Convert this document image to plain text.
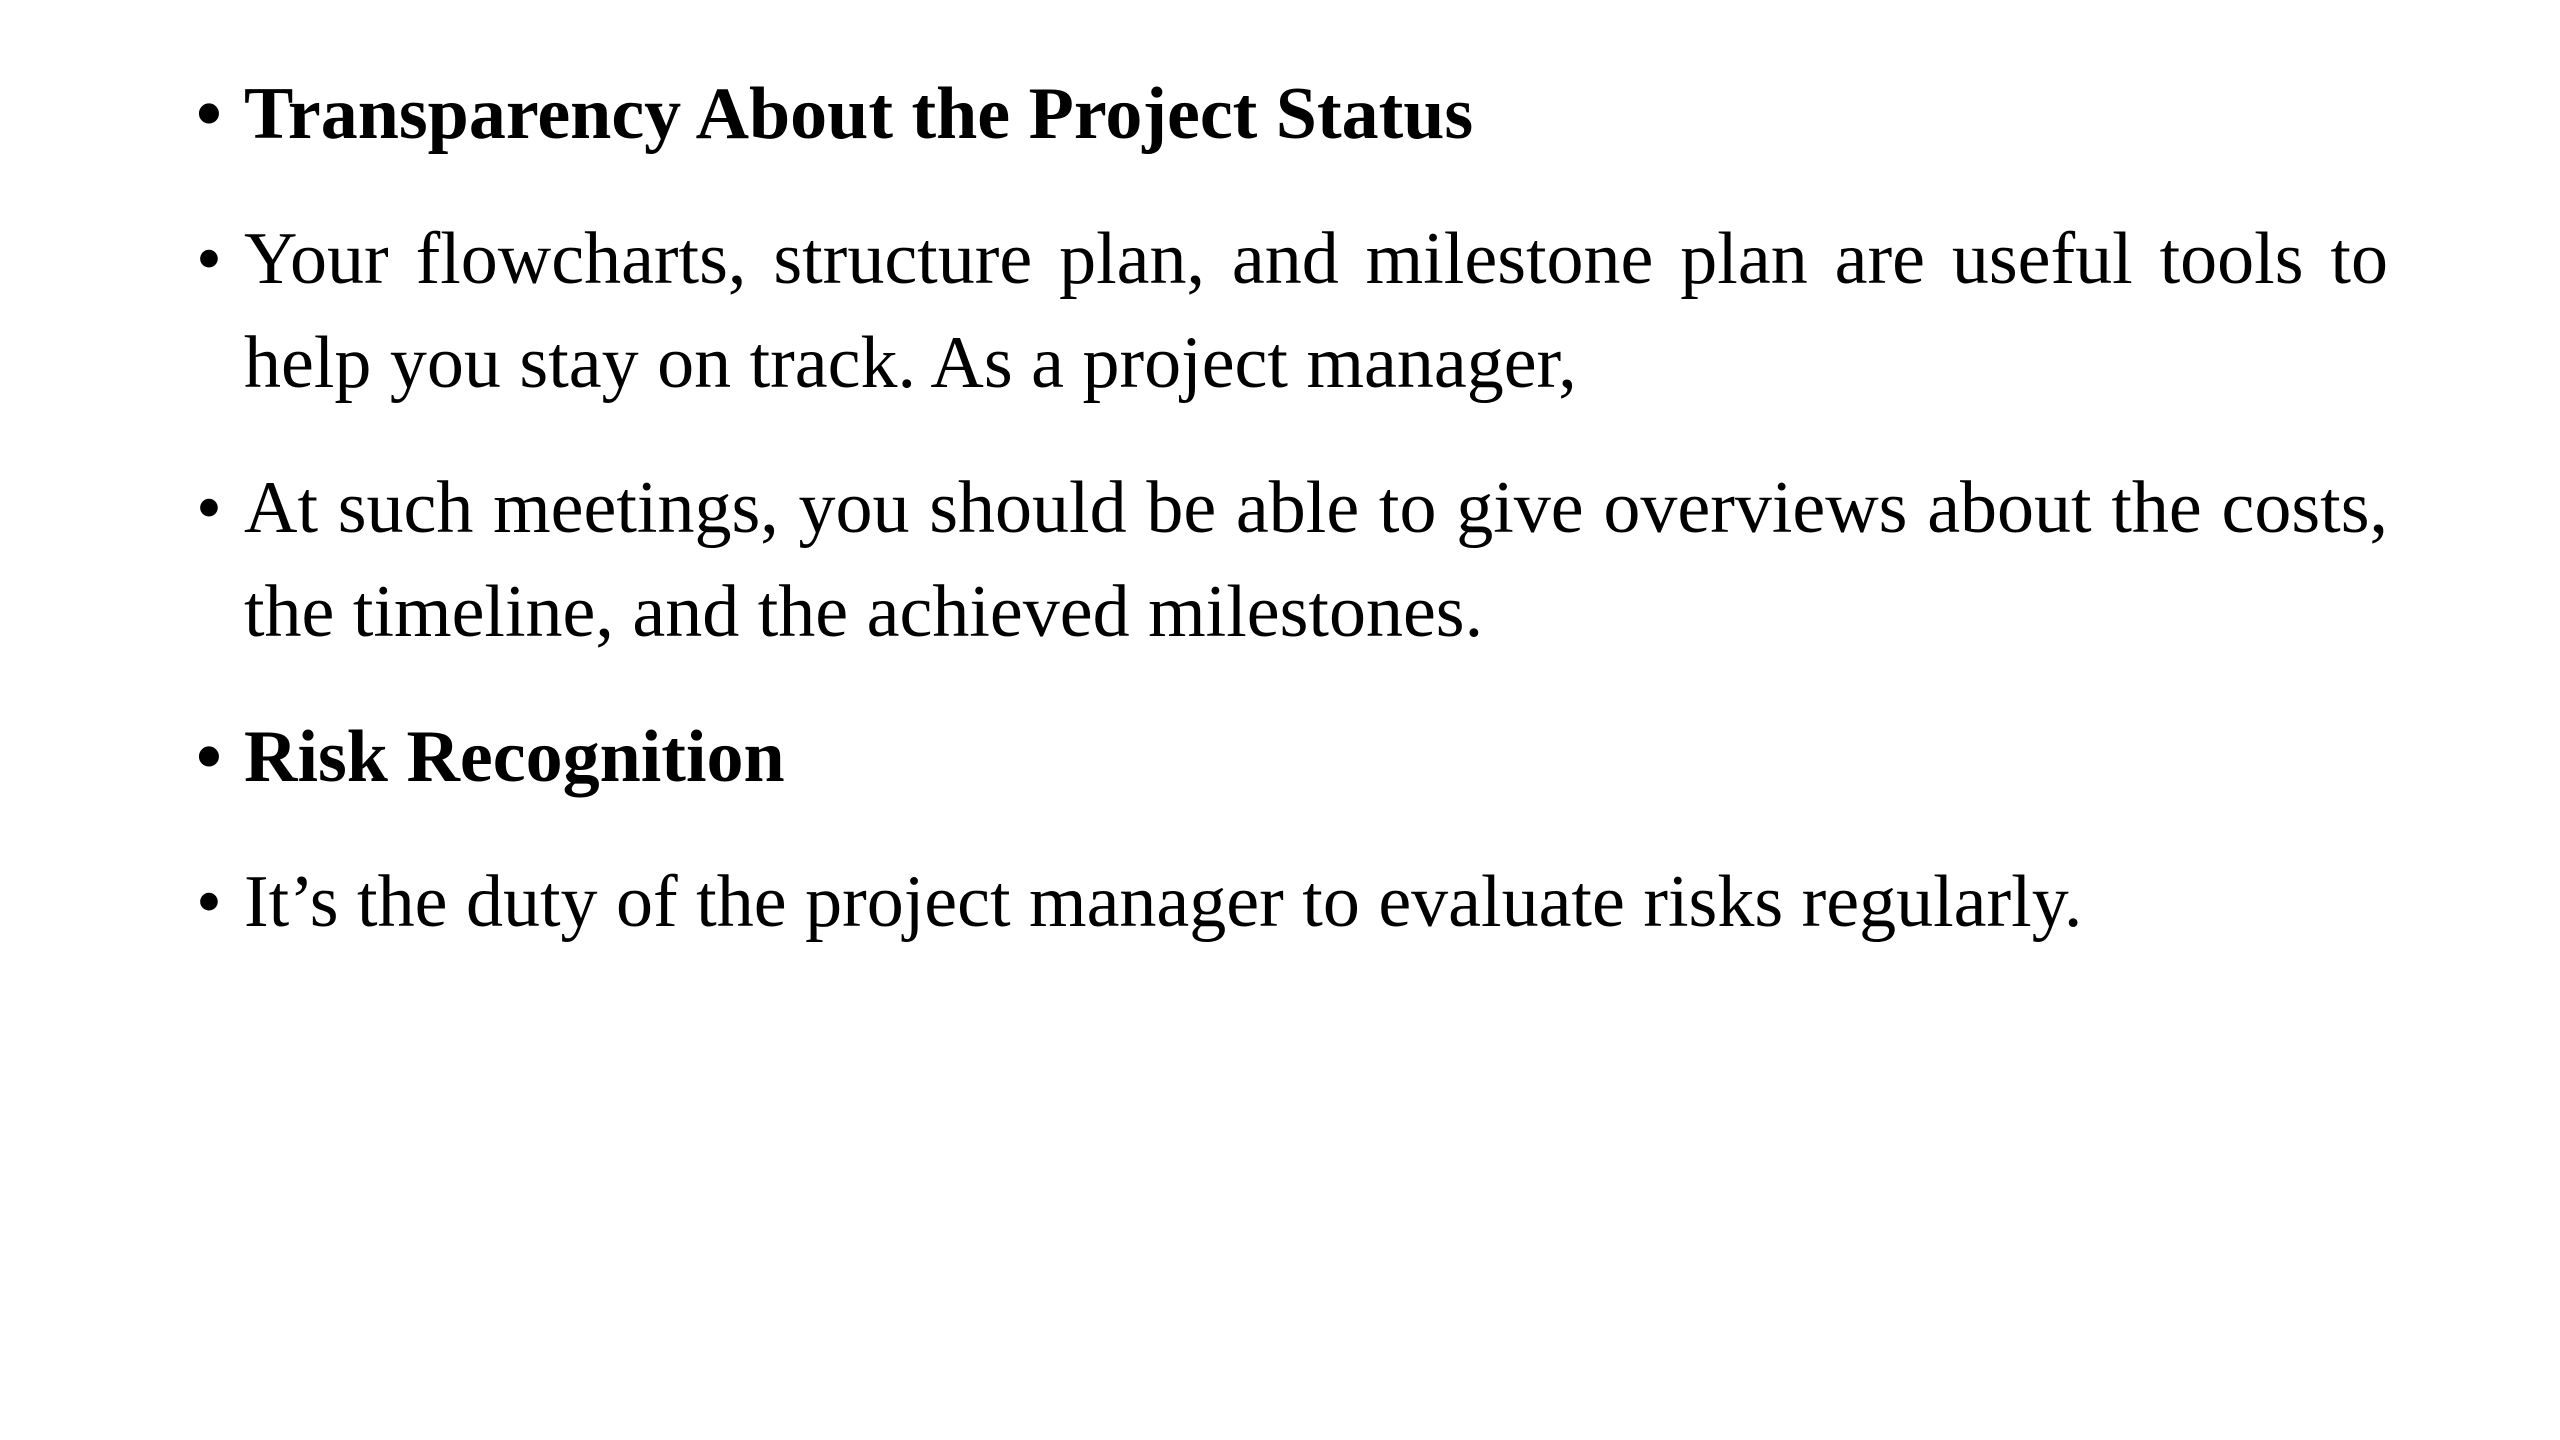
• Transparency About the Project Status
• Your flowcharts, structure plan, and milestone plan are useful tools to help you stay on track. As a project manager,
• At such meetings, you should be able to give overviews about the costs, the timeline, and the achieved milestones.
• Risk Recognition
• It’s the duty of the project manager to evaluate risks regularly.
